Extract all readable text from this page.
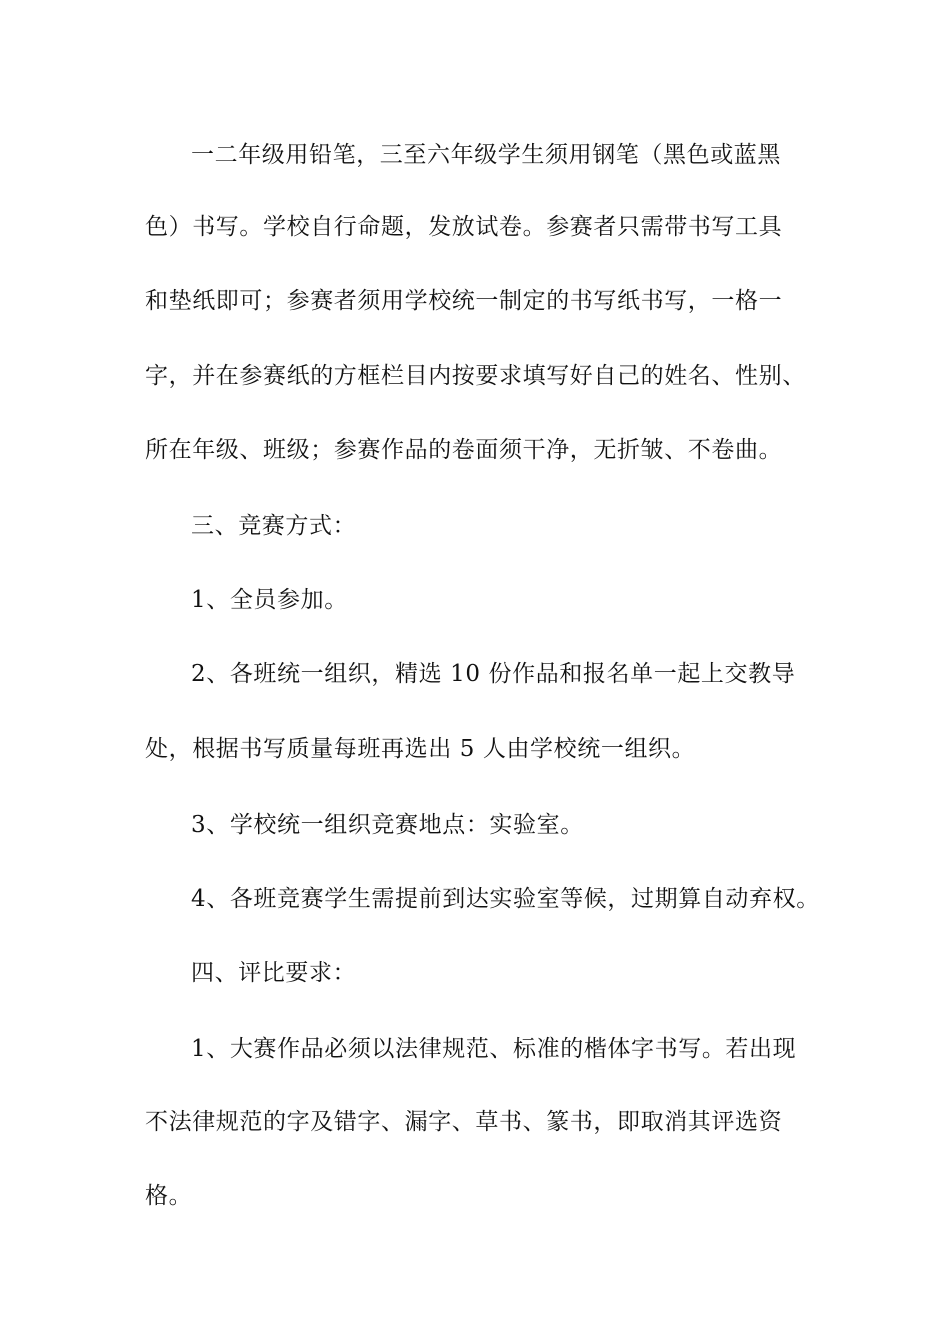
一二年级用铅笔，三至六年级学生须用钢笔（黑色或蓝黑
色）书写。学校自行命题，发放试卷。参赛者只需带书写工具
和垫纸即可；参赛者须用学校统一制定的书写纸书写，一格一
字，并在参赛纸的方框栏目内按要求填写好自己的姓名、性别、
所在年级、班级；参赛作品的卷面须干净，无折皱、不卷曲。
三、竞赛方式：
1、全员参加。
2、各班统一组织，精选 10 份作品和报名单一起上交教导
处，根据书写质量每班再选出 5 人由学校统一组织。
3、学校统一组织竞赛地点：实验室。
4、各班竞赛学生需提前到达实验室等候，过期算自动弃权。
四、评比要求：
1、大赛作品必须以法律规范、标准的楷体字书写。若出现
不法律规范的字及错字、漏字、草书、篆书，即取消其评选资
格。
